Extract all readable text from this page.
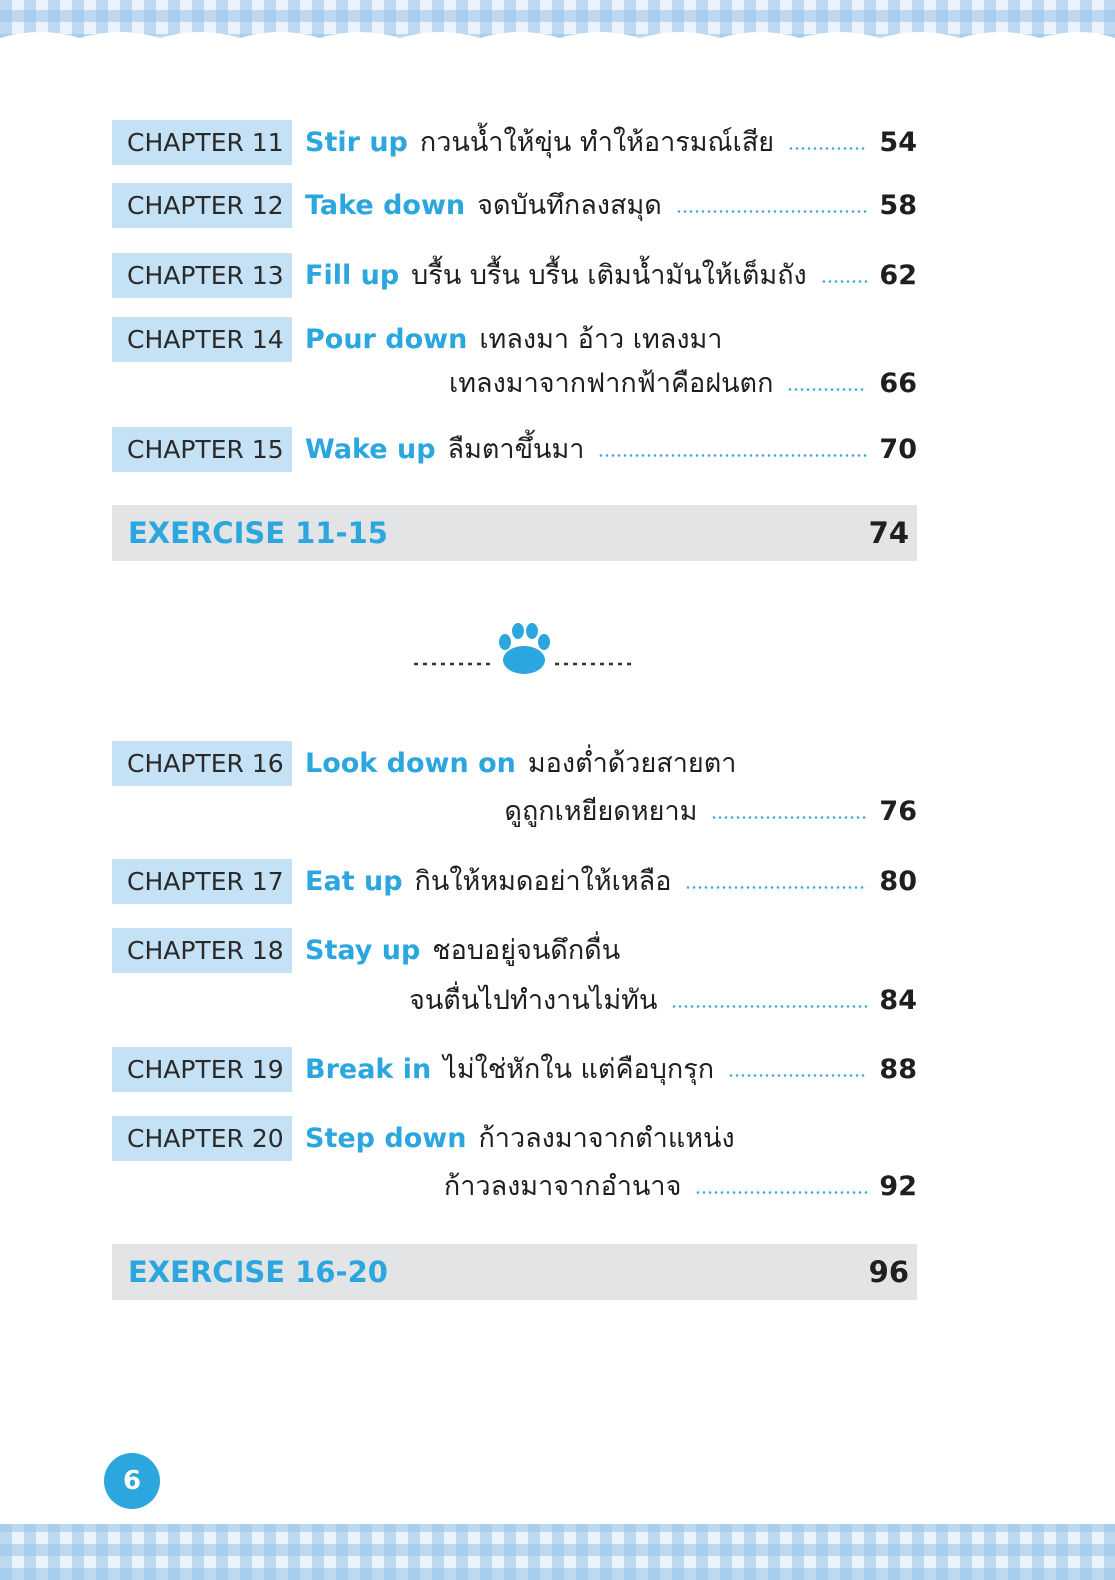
CHAPTER 11 Stir up กวนน้ำให้ขุ่น ทำให้อารมณ์เสีย	54
CHAPTER 12 Take down จดบันทึกลงสมุด	58
CHAPTER 13 Fill up บรื้น บรื้น บรื้น เติมน้ำมันให้เต็มถัง	62
CHAPTER 14 Pour down เทลงมา อ้าว เทลงมา
เทลงมาจากฟากฟ้าคือฝนตก	66
CHAPTER 15 Wake up ลืมตาขึ้นมา	70
EXERCISE 11-15	74
CHAPTER 16 Look down on มองต่ำด้วยสายตา
ดูถูกเหยียดหยาม	76
CHAPTER 17 Eat up กินให้หมดอย่าให้เหลือ	80
CHAPTER 18 Stay up ชอบอยู่จนดึกดื่น
จนตื่นไปทำงานไม่ทัน	84
CHAPTER 19 Break in ไม่ใช่หักใน แต่คือบุกรุก	88
CHAPTER 20 Step down ก้าวลงมาจากตำแหน่ง
ก้าวลงมาจากอำนาจ	92
EXERCISE 16-20	96
6
